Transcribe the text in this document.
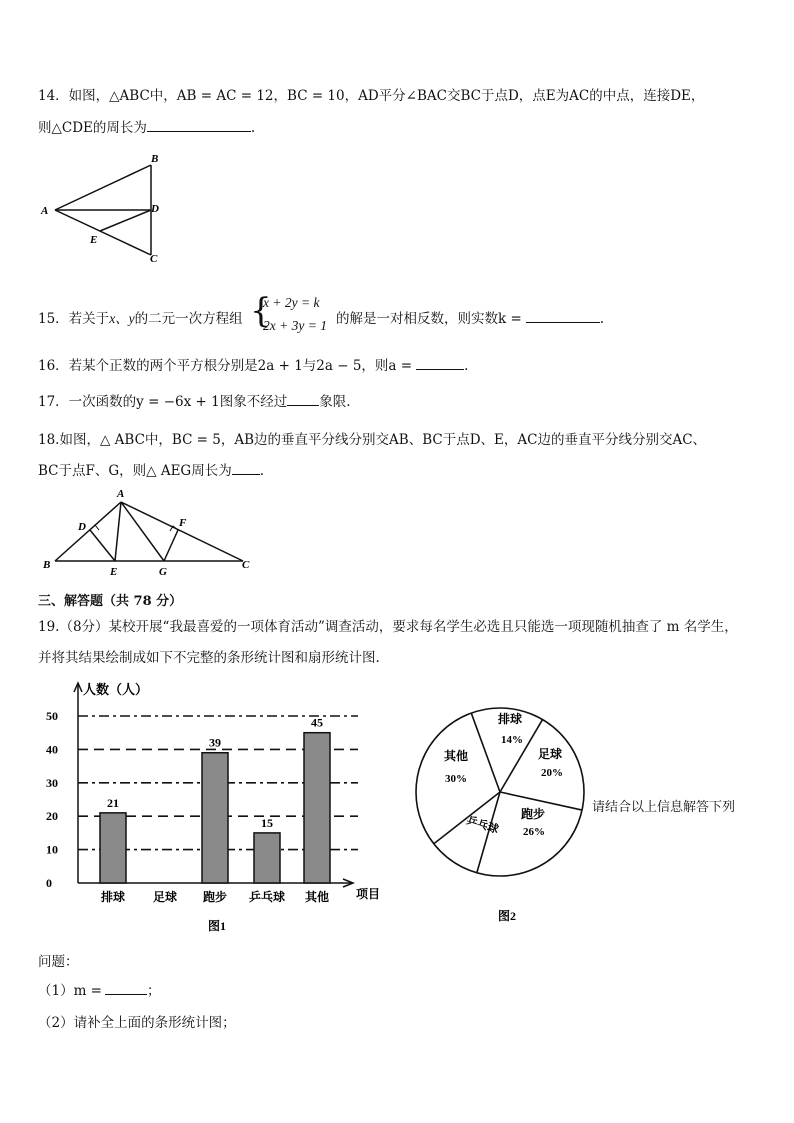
14．如图，△ABC中，AB = AC = 12，BC = 10，AD平分∠BAC交BC于点D，点E为AC的中点，连接DE，
则△CDE的周长为	.
A
B
D
E
C
15．若关于x、y的二元一次方程组 {
x + 2y = k
2x + 3y = 1 的解是一对相反数，则实数k =	.
16．若某个正数的两个平方根分别是2a + 1与2a − 5，则a =	.
17．一次函数的y = −6x + 1图象不经过 象限.
18.如图，△ ABC中，BC = 5，AB边的垂直平分线分别交AB、BC于点D、E，AC边的垂直平分线分别交AC、
BC于点F、G，则△ AEG周长为 .
A
D	F
B
E	G
C
三、解答题（共 78 分）
19.（8分）某校开展“我最喜爱的一项体育活动”调查活动，要求每名学生必选且只能选一项现随机抽查了 m 名学生，
并将其结果绘制成如下不完整的条形统计图和扇形统计图.
人数（人）
项目
图1
0
10
20
30
40
50
21
39
15
45
排球 足球 跑步 乒乓球 其他
排球
14%
足球
20%
跑步
26%
乒乓球
其他
30%
图2
请结合以上信息解答下列
问题：
（1）m =	；
（2）请补全上面的条形统计图；
